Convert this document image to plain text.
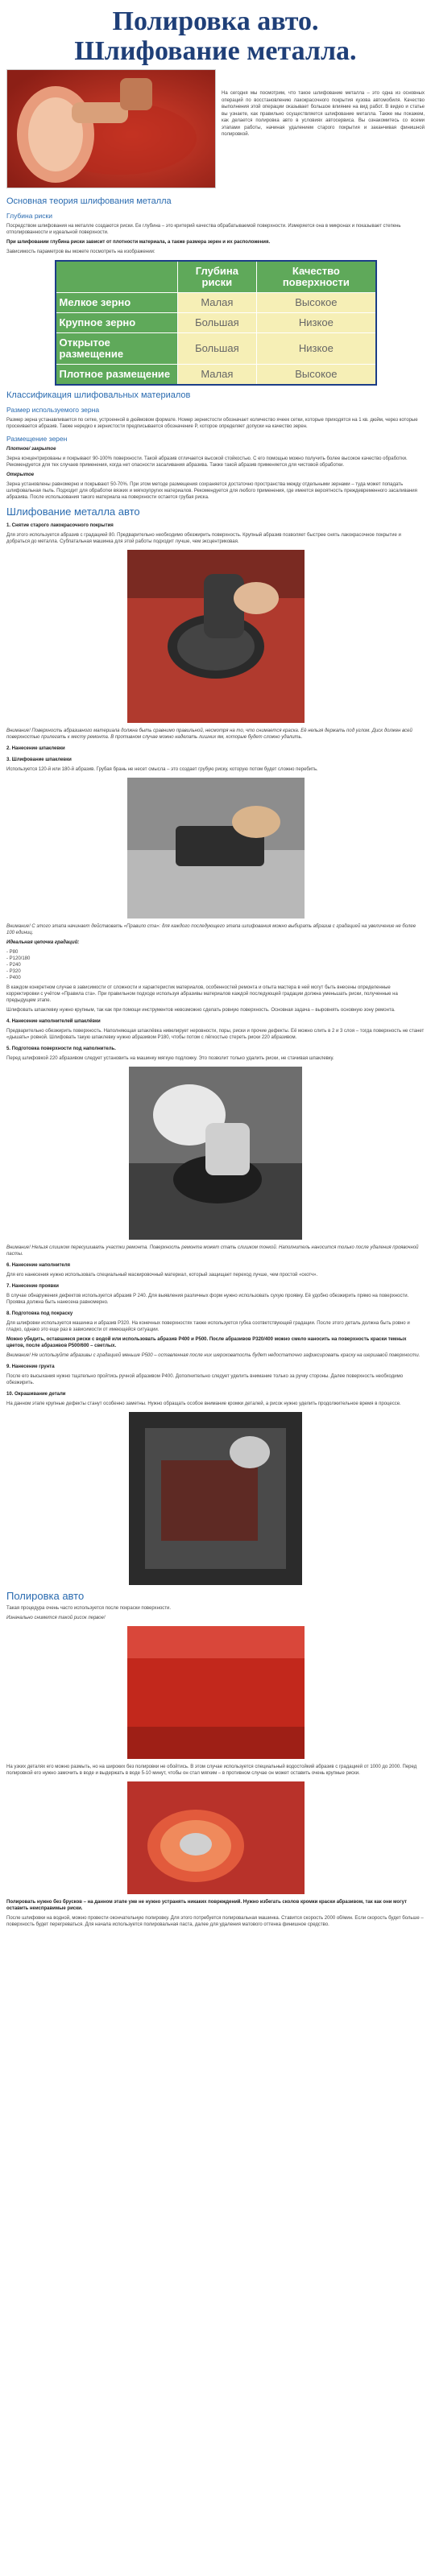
Полировка авто.
Шлифование металла.
На сегодня мы посмотрим, что такое шлифование металла – это одна из основных операций по восстановлению лакокрасочного покрытия кузова автомобиля. Качество выполнения этой операции оказывает большое влияние на вид работ. В видео и статье вы узнаете, как правильно осуществляется шлифование металла. Также мы покажем, как делается полировка авто в условиях автосервиса. Вы ознакомитесь со всеми этапами работы, начиная удалением старого покрытия и заканчивая финишной полировкой.
Основная теория шлифования металла
Глубина риски
Посредством шлифования на металле создаются риски. Ее глубина – это критерий качества обрабатываемой поверхности. Измеряется она в микронах и показывает степень отполированности и идеальной поверхности.
При шлифовании глубина риски зависит от плотности материала, а также размера зерен и их расположения.
Зависимость параметров вы можете посмотреть на изображении:
	Глубина риски	Качество поверхности
Мелкое зерно	Малая	Высокое
Крупное зерно	Большая	Низкое
Открытое размещение	Большая	Низкое
Плотное размещение	Малая	Высокое
Классификация шлифовальных материалов
Размер используемого зерна
Размер зерна устанавливается по сетке, устроенной в дюймовом формате. Номер зернистости обозначает количество ячеек сетки, которые приходятся на 1 кв. дюйм, через которые просеивается абразив. Также нередко к зернистости предписывается обозначение P, которое определяет допуски на качество зерен.
Размещение зерен
Плотное/ закрытое
Зерна концентрированы и покрывают 90-100% поверхности. Такой абразив отличается высокой стойкостью. С его помощью можно получить более высокое качество обработки. Рекомендуется для тех случаев применения, когда нет опасности засаливания абразива. Также такой абразив применяется для чистовой обработки.
Открытое
Зерна установлены равномерно и покрывают 50-70%. При этом методе размещения сохраняется достаточно пространства между отдельными зернами – туда может попадать шлифовальная пыль. Подходит для обработки вязких и мягкоупругих материалов. Рекомендуется для любого применения, где имеется вероятность преждевременного засаливания абразива. После использования такого материала на поверхности остается грубая риска.
Шлифование металла авто
1. Снятие старого лакокрасочного покрытия
Для этого используется абразив с градацией 80. Предварительно необходимо обезжирить поверхность. Крупный абразив позволяет быстрее снять лакокрасочное покрытие и добраться до металла. Субпатальная машинка для этой работы подходит лучше, чем эксцентриковая.
Внимание! Поверхность абразивного материала должна быть сравнимо правильной, несмотря на то, что снимается краска. Её нельзя держать под углом. Диск должен всей поверхностью прилегать к месту ремонта. В противном случае можно наделать лишних ям, которые будет сложно удалить.
2. Нанесение шпаклевки
3. Шлифование шпаклевки
Используется 120-й или 180-й абразив. Грубая брань не несет смысла – это создает грубую риску, которую потом будет сложно перебить.
Внимание! С этого этапа начинает действовать «Правило ста»: для каждого последующего этапа шлифования можно выбирать абразив с градацией на увеличение не более 100 единиц.
Идеальная цепочка градаций:
- P80
- P120/180
- P240
- P320
- P400
В каждом конкретном случае в зависимости от сложности и характеристик материалов, особенностей ремонта и опыта мастера в ней могут быть внесены определенные корректировки с учётом «Правила ста». При правильном подходе используя абразивы материалов каждой последующей градации должна уменьшать риски, полученные на предыдущем этапе.
Шлифовать шпаклевку нужно крупным, так как при помощи инструментов невозможно сделать ровную поверхность. Основная задача – выровнять основную зону ремонта.
4. Нанесение наполнителей шпаклёвки
Предварительно обезжирить поверхность. Наполняющая шпаклёвка нивелирует неровности, поры, риски и прочие дефекты. Её можно слить в 2 и 3 слоя – тогда поверхность не станет «дышать» ровной. Шлифовать такую шпаклевку нужно абразивом P180, чтобы потом с лёгкостью стереть риски 220 абразивом.
5. Подготовка поверхности под наполнитель.
Перед шлифовкой 220 абразивом следует установить на машинку мягкую подложку. Это позволит только удалить риски, не стачивая шпаклевку.
Внимание! Нельзя слишком пересушивать участки ремонта. Поверхность ремонта может стать слишком тонкой. Наполнитель наносится только после удаления проявочной пасты.
6. Нанесение наполнителя
Для его нанесения нужно использовать специальный маскировочный материал, который защищает переход лучше, чем простой «скотч».
7. Нанесение проявки
В случае обнаружения дефектов используется абразив P 240. Для выявления различных форм нужно использовать сухую проявку. Её удобно обезжирить прямо на поверхности. Проявка должна быть нанесена равномерно.
8. Подготовка под покраску
Для шлифовки используется машинка и абразив P320. На конечных поверхностях также используется губка соответствующей градации. После этого деталь должна быть ровно и гладко, однако это еще раз в зависимости от имеющейся ситуации.
Можно убедить, оставшиеся риски с водой или использовать абразив P400 и P500. После абразивов P320/400 можно смело наносить на поверхность краски темных цветов, после абразивов P500/600 – светлых.
Внимание! Не используйте абразивы с градацией меньше P500 – оставленная после них шероховатость будет недостаточно зафиксировать краску на шершавой поверхности.
9. Нанесение грунта
После его высыхания нужно тщательно пройтись ручной абразивом P400. Дополнительно следует уделить внимание только за ручку стороны. Далее поверхность необходимо обезжирить.
10. Окрашивание детали
На данном этапе крупные дефекты станут особенно заметны. Нужно обращать особое внимание кромки деталей, а рисок нужно уделить продолжительное время в процессе.
Полировка авто
Такая процедура очень часто используется после покраски поверхности.
Изначально снимется такой рисок первое!
На узких деталях его можно размыть, но на широких без полировки не обойтись. В этом случае используется специальный водостойкий абразив с градацией от 1000 до 2000. Перед полировкой его нужно замочить в воде и выдержать в воде 5-10 минут, чтобы он стал мягким – в противном случае он может оставить очень крупные риски.
Полировать нужно без брусков – на данном этапе уже не нужно устранять никаких повреждений. Нужно избегать сколов кромки краски абразивом, так как они могут оставить неисправимые риски.
После шлифовки на водной, можно провести окончательную полировку. Для этого потребуется полировальная машинка. Ставится скорость 2000 об/мин. Если скорость будет больше – поверхность будет перегреваться. Для начала используется полировальная паста, далее для удаления матового оттенка финишное средство.
